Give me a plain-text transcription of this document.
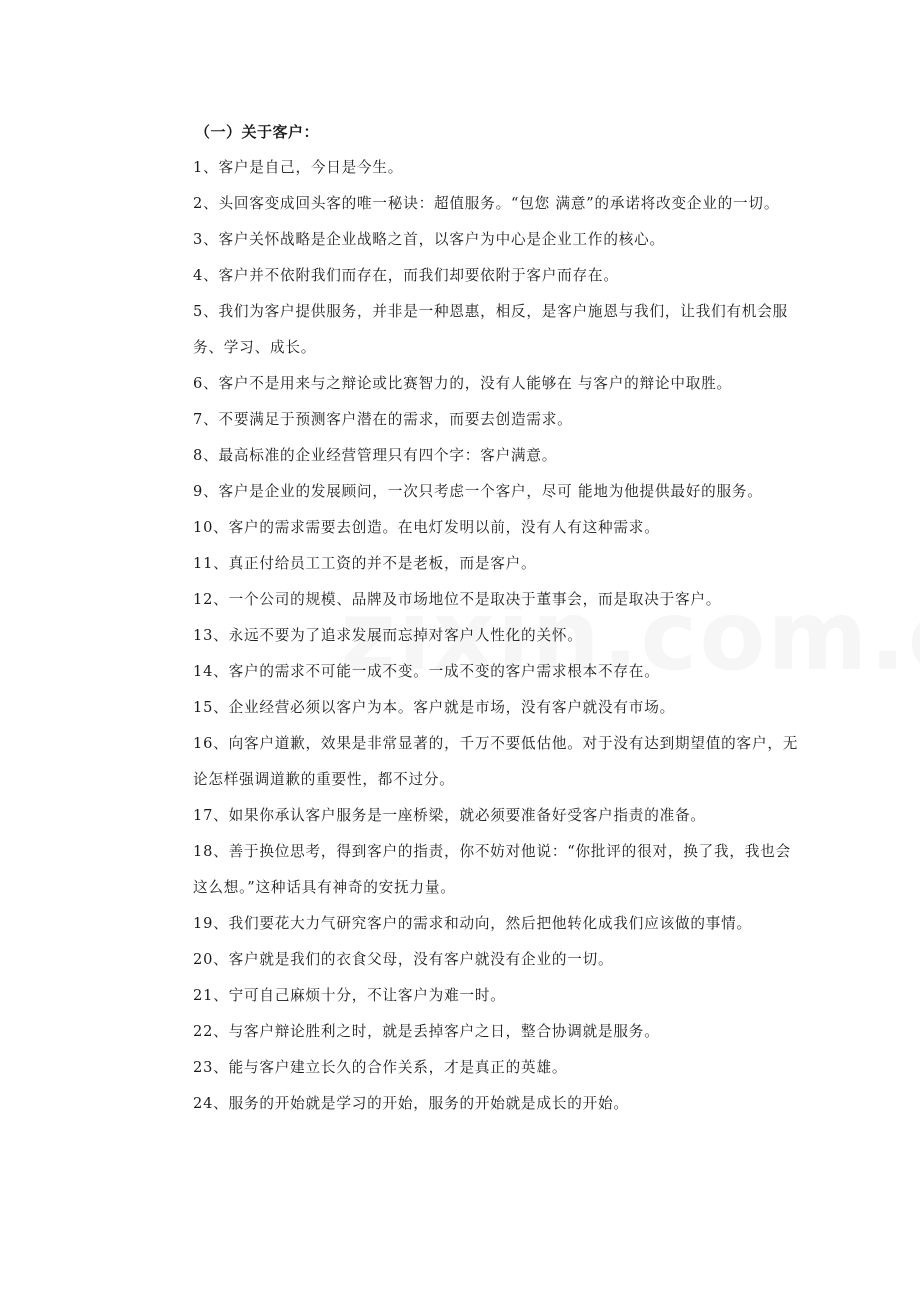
（一）关于客户：

1、客户是自己，今日是今生。

2、头回客变成回头客的唯一秘诀：超值服务。“包您 满意”的承诺将改变企业的一切。

3、客户关怀战略是企业战略之首，以客户为中心是企业工作的核心。

4、客户并不依附我们而存在，而我们却要依附于客户而存在。

5、我们为客户提供服务，并非是一种恩惠，相反，是客户施恩与我们，让我们有机会服务、学习、成长。

6、客户不是用来与之辩论或比赛智力的，没有人能够在 与客户的辩论中取胜。

7、不要满足于预测客户潜在的需求，而要去创造需求。

8、最高标准的企业经营管理只有四个字：客户满意。

9、客户是企业的发展顾问，一次只考虑一个客户，尽可 能地为他提供最好的服务。

10、客户的需求需要去创造。在电灯发明以前，没有人有这种需求。

11、真正付给员工工资的并不是老板，而是客户。

12、一个公司的规模、品牌及市场地位不是取决于董事会，而是取决于客户。

13、永远不要为了追求发展而忘掉对客户人性化的关怀。

14、客户的需求不可能一成不变。一成不变的客户需求根本不存在。

15、企业经营必须以客户为本。客户就是市场，没有客户就没有市场。

16、向客户道歉，效果是非常显著的，千万不要低估他。对于没有达到期望值的客户，无论怎样强调道歉的重要性，都不过分。

17、如果你承认客户服务是一座桥梁，就必须要准备好受客户指责的准备。

18、善于换位思考，得到客户的指责，你不妨对他说：“你批评的很对，换了我，我也会这么想。”这种话具有神奇的安抚力量。

19、我们要花大力气研究客户的需求和动向，然后把他转化成我们应该做的事情。

20、客户就是我们的衣食父母，没有客户就没有企业的一切。

21、宁可自己麻烦十分，不让客户为难一时。

22、与客户辩论胜利之时，就是丢掉客户之日，整合协调就是服务。

23、能与客户建立长久的合作关系，才是真正的英雄。

24、服务的开始就是学习的开始，服务的开始就是成长的开始。
